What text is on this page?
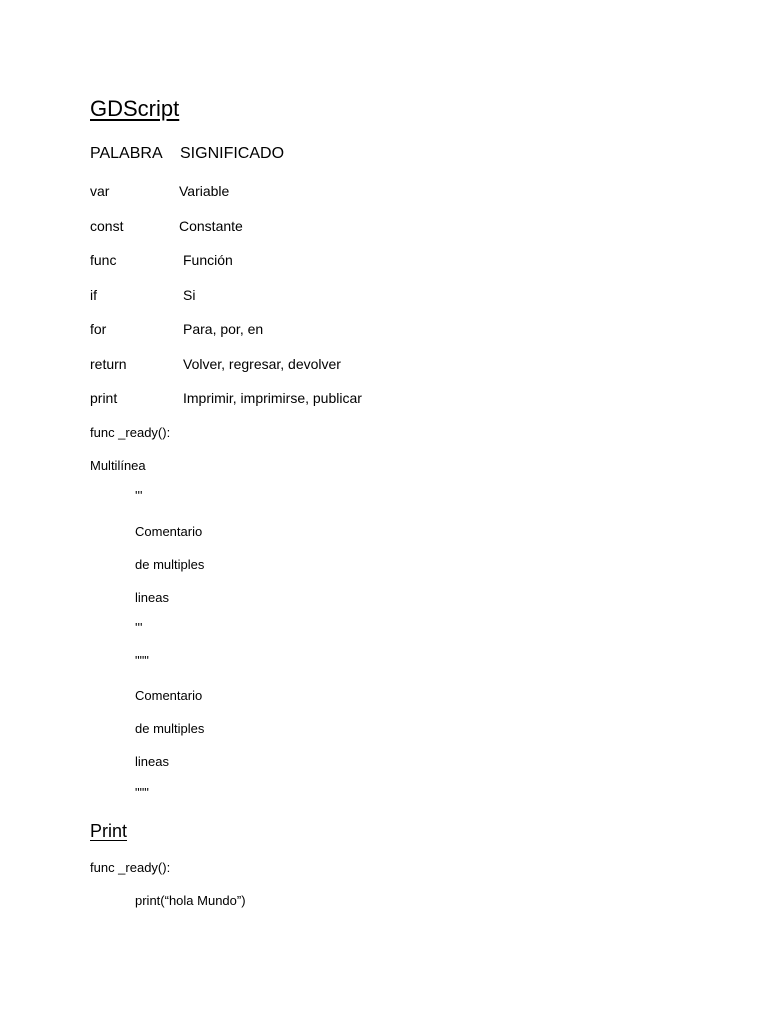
GDScript
PALABRA SIGNIFICADO
var	Variable
const	Constante
func	Función
if	Si
for	Para, por, en
return	Volver, regresar, devolver
print	Imprimir, imprimirse, publicar
func _ready():
Multilínea
'''
Comentario
de multiples
lineas
'''
"""
Comentario
de multiples
lineas
"""
Print
func _ready():
print(“hola Mundo”)
